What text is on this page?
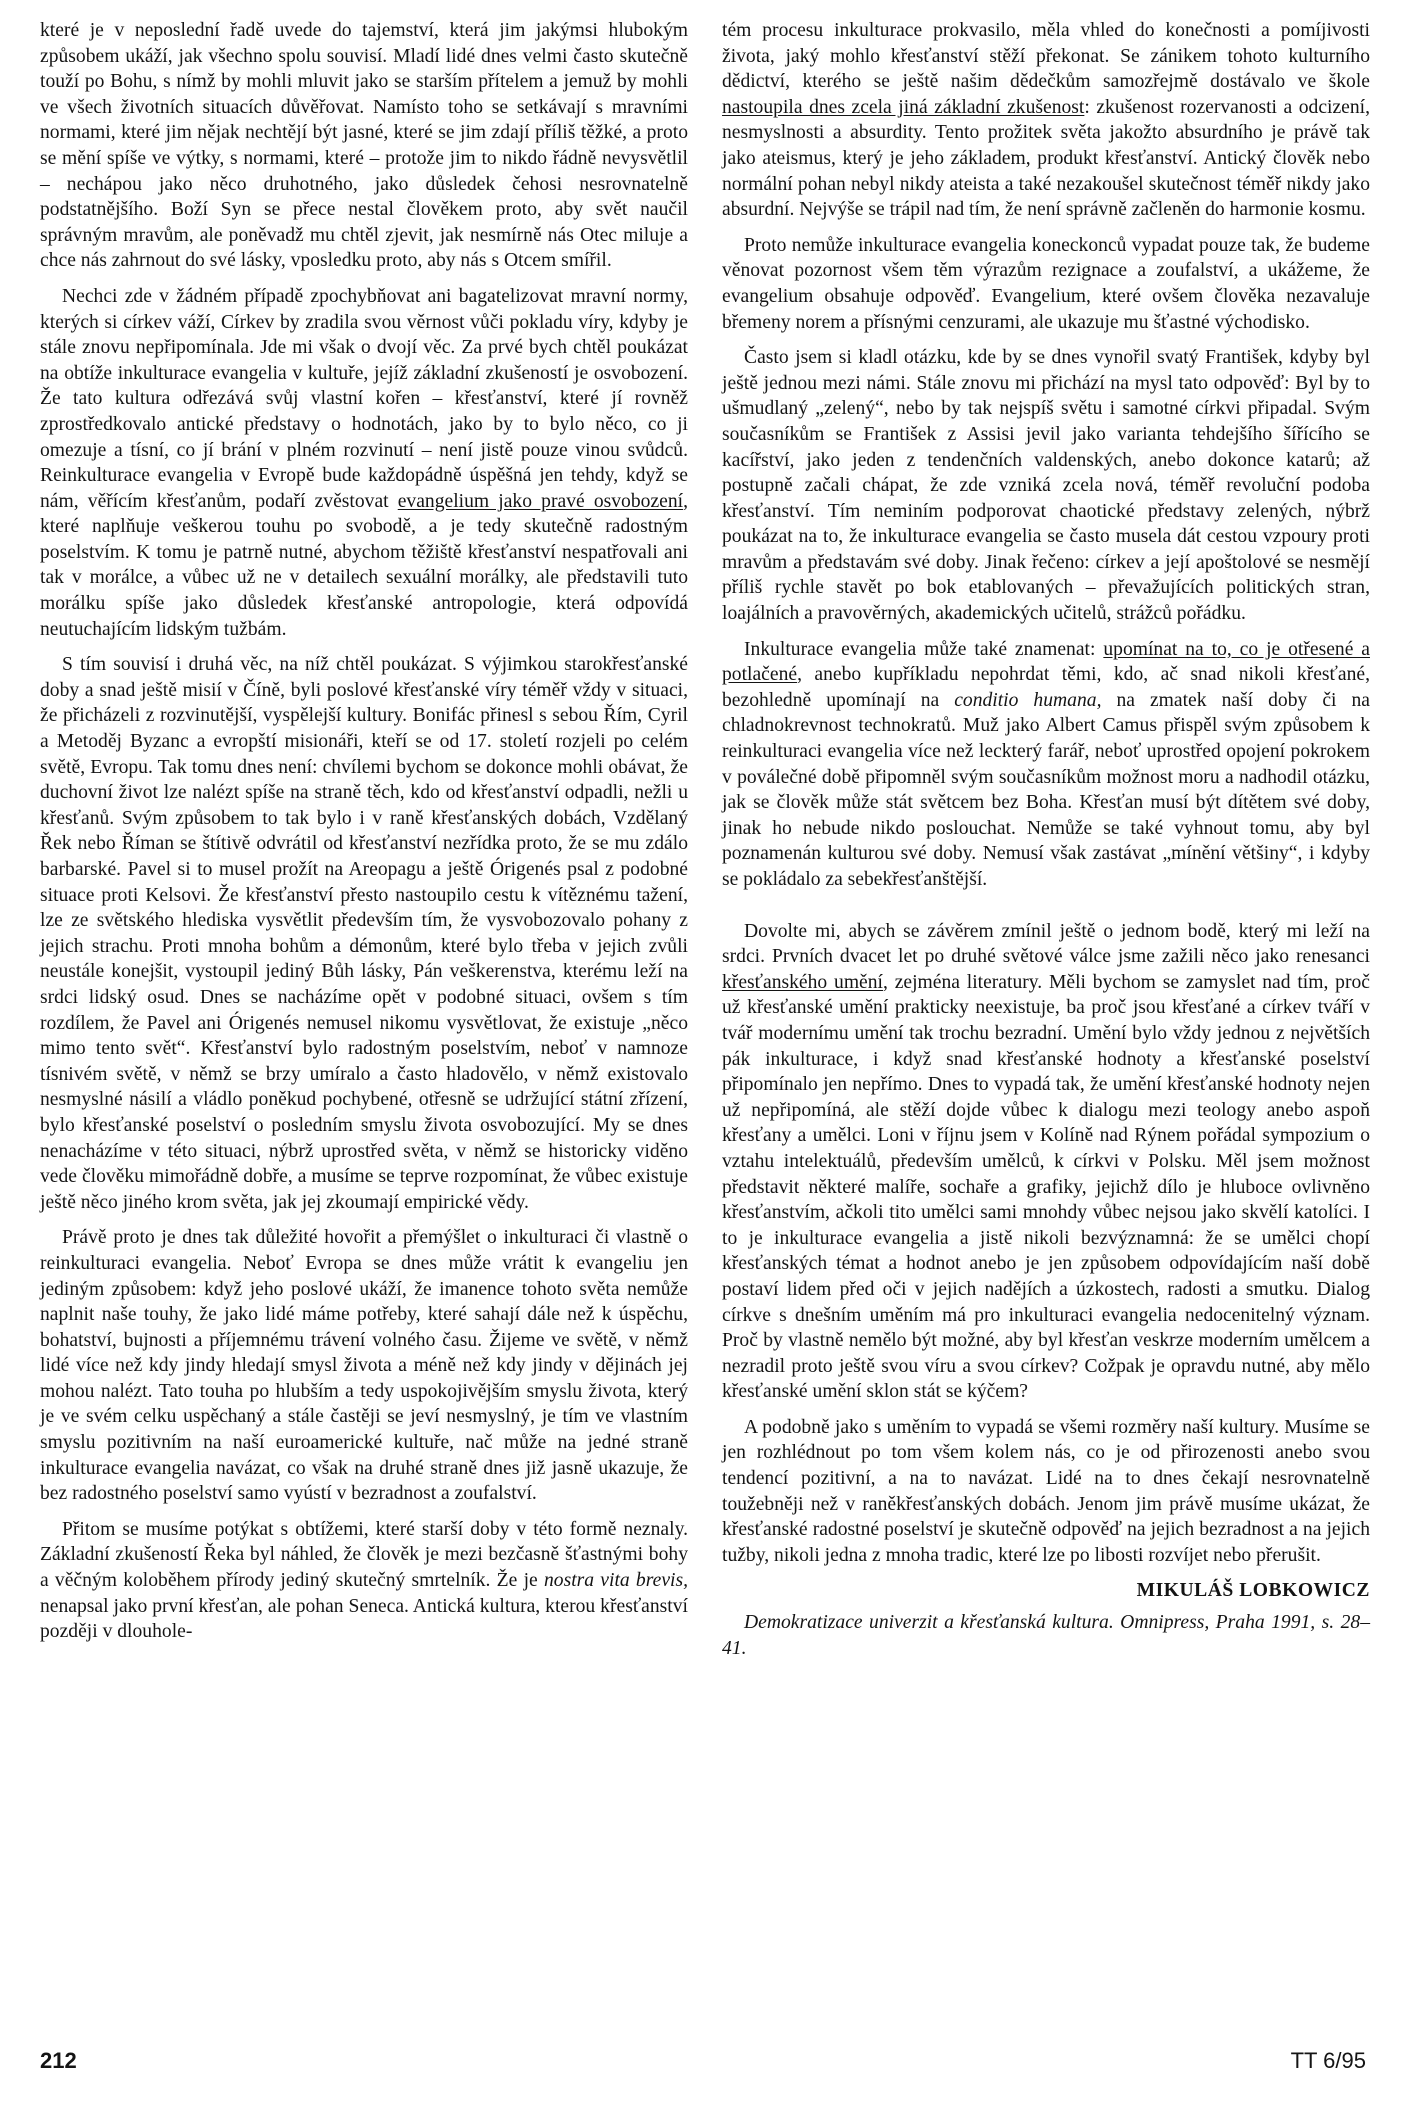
které je v neposlední řadě uvede do tajemství, která jim jakýmsi hlubokým způsobem ukáží, jak všechno spolu souvisí. Mladí lidé dnes velmi často skutečně touží po Bohu, s nímž by mohli mluvit jako se starším přítelem a jemuž by mohli ve všech životních situacích důvěřovat. Namísto toho se setkávají s mravními normami, které jim nějak nechtějí být jasné, které se jim zdají příliš těžké, a proto se mění spíše ve výtky, s normami, které – protože jim to nikdo řádně nevysvětlil – nechápou jako něco druhotného, jako důsledek čehosi nesrovnatelně podstatnějšího. Boží Syn se přece nestal člověkem proto, aby svět naučil správným mravům, ale poněvadž mu chtěl zjevit, jak nesmírně nás Otec miluje a chce nás zahrnout do své lásky, vposledku proto, aby nás s Otcem smířil.

Nechci zde v žádném případě zpochybňovat ani bagatelizovat mravní normy, kterých si církev váží, Církev by zradila svou věrnost vůči pokladu víry, kdyby je stále znovu nepřipomínala. Jde mi však o dvojí věc. Za prvé bych chtěl poukázat na obtíže inkulturace evangelia v kultuře, jejíž základní zkušeností je osvobození. Že tato kultura odřezává svůj vlastní kořen – křesťanství, které jí rovněž zprostředkovalo antické představy o hodnotách, jako by to bylo něco, co ji omezuje a tísní, co jí brání v plném rozvinutí – není jistě pouze vinou svůdců. Reinkulturace evangelia v Evropě bude každopádně úspěšná jen tehdy, když se nám, věřícím křesťanům, podaří zvěstovat evangelium jako pravé osvobození, které naplňuje veškerou touhu po svobodě, a je tedy skutečně radostným poselstvím. K tomu je patrně nutné, abychom těžiště křesťanství nespatřovali ani tak v morálce, a vůbec už ne v detailech sexuální morálky, ale představili tuto morálku spíše jako důsledek křesťanské antropologie, která odpovídá neutuchajícím lidským tužbám.

S tím souvisí i druhá věc, na níž chtěl poukázat. S výjimkou starokřesťanské doby a snad ještě misií v Číně, byli poslové křesťanské víry téměř vždy v situaci, že přicházeli z rozvinutější, vyspělejší kultury. Bonifác přinesl s sebou Řím, Cyril a Metoděj Byzanc a evropští misionáři, kteří se od 17. století rozjeli po celém světě, Evropu. Tak tomu dnes není: chvílemi bychom se dokonce mohli obávat, že duchovní život lze nalézt spíše na straně těch, kdo od křesťanství odpadli, nežli u křesťanů. Svým způsobem to tak bylo i v raně křesťanských dobách, Vzdělaný Řek nebo Říman se štítivě odvrátil od křesťanství nezřídka proto, že se mu zdálo barbarské. Pavel si to musel prožít na Areopagu a ještě Órigenés psal z podobné situace proti Kelsovi. Že křesťanství přesto nastoupilo cestu k vítěznému tažení, lze ze světského hlediska vysvětlit především tím, že vysvobozovalo pohany z jejich strachu. Proti mnoha bohům a démonům, které bylo třeba v jejich zvůli neustále konejšit, vystoupil jediný Bůh lásky, Pán veškerenstva, kterému leží na srdci lidský osud. Dnes se nacházíme opět v podobné situaci, ovšem s tím rozdílem, že Pavel ani Órigenés nemusel nikomu vysvětlovat, že existuje „něco mimo tento svět“. Křesťanství bylo radostným poselstvím, neboť v namnoze tísnivém světě, v němž se brzy umíralo a často hladovělo, v němž existovalo nesmyslné násilí a vládlo poněkud pochybené, otřesně se udržující státní zřízení, bylo křesťanské poselství o posledním smyslu života osvobozující. My se dnes nenacházíme v této situaci, nýbrž uprostřed světa, v němž se historicky viděno vede člověku mimořádně dobře, a musíme se teprve rozpomínat, že vůbec existuje ještě něco jiného krom světa, jak jej zkoumají empirické vědy.

Právě proto je dnes tak důležité hovořit a přemýšlet o inkulturaci či vlastně o reinkulturaci evangelia. Neboť Evropa se dnes může vrátit k evangeliu jen jediným způsobem: když jeho poslové ukáží, že imanence tohoto světa nemůže naplnit naše touhy, že jako lidé máme potřeby, které sahají dále než k úspěchu, bohatství, bujnosti a příjemnému trávení volného času. Žijeme ve světě, v němž lidé více než kdy jindy hledají smysl života a méně než kdy jindy v dějinách jej mohou nalézt. Tato touha po hlubším a tedy uspokojivějším smyslu života, který je ve svém celku uspěchaný a stále častěji se jeví nesmyslný, je tím ve vlastním smyslu pozitivním na naší euroamerické kultuře, nač může na jedné straně inkulturace evangelia navázat, co však na druhé straně dnes již jasně ukazuje, že bez radostného poselství samo vyústí v bezradnost a zoufalství.

Přitom se musíme potýkat s obtížemi, které starší doby v této formě neznaly. Základní zkušeností Řeka byl náhled, že člověk je mezi bezčasně šťastnými bohy a věčným koloběhem přírody jediný skutečný smrtelník. Že je nostra vita brevis, nenapsal jako první křesťan, ale pohan Seneca. Antická kultura, kterou křesťanství později v dlouhole-

tém procesu inkulturace prokvasilo, měla vhled do konečnosti a pomíjivosti života, jaký mohlo křesťanství stěží překonat. Se zánikem tohoto kulturního dědictví, kterého se ještě našim dědečkům samozřejmě dostávalo ve škole nastoupila dnes zcela jiná základní zkušenost: zkušenost rozervanosti a odcizení, nesmyslnosti a absurdity. Tento prožitek světa jakožto absurdního je právě tak jako ateismus, který je jeho základem, produkt křesťanství. Antický člověk nebo normální pohan nebyl nikdy ateista a také nezakoušel skutečnost téměř nikdy jako absurdní. Nejvýše se trápil nad tím, že není správně začleněn do harmonie kosmu.

Proto nemůže inkulturace evangelia koneckonců vypadat pouze tak, že budeme věnovat pozornost všem těm výrazům rezignace a zoufalství, a ukážeme, že evangelium obsahuje odpověď. Evangelium, které ovšem člověka nezavaluje břemeny norem a přísnými cenzurami, ale ukazuje mu šťastné východisko.

Často jsem si kladl otázku, kde by se dnes vynořil svatý František, kdyby byl ještě jednou mezi námi. Stále znovu mi přichází na mysl tato odpověď: Byl by to ušmudlaný „zelený“, nebo by tak nejspíš světu i samotné církvi připadal. Svým současníkům se František z Assisi jevil jako varianta tehdejšího šířícího se kacířství, jako jeden z tendenčních valdenských, anebo dokonce katarů; až postupně začali chápat, že zde vzniká zcela nová, téměř revoluční podoba křesťanství. Tím neminím podporovat chaotické představy zelených, nýbrž poukázat na to, že inkulturace evangelia se často musela dát cestou vzpoury proti mravům a představám své doby. Jinak řečeno: církev a její apoštolové se nesmějí příliš rychle stavět po bok etablovaných – převažujících politických stran, loajálních a pravověrných, akademických učitelů, strážců pořádku.

Inkulturace evangelia může také znamenat: upomínat na to, co je otřesené a potlačené, anebo kupříkladu nepohrdat těmi, kdo, ač snad nikoli křesťané, bezohledně upomínají na conditio humana, na zmatek naší doby či na chladnokrevnost technokratů. Muž jako Albert Camus přispěl svým způsobem k reinkulturaci evangelia více než leckterý farář, neboť uprostřed opojení pokrokem v poválečné době připomněl svým současníkům možnost moru a nadhodil otázku, jak se člověk může stát světcem bez Boha. Křesťan musí být dítětem své doby, jinak ho nebude nikdo poslouchat. Nemůže se také vyhnout tomu, aby byl poznamenán kulturou své doby. Nemusí však zastávat „mínění většiny“, i kdyby se pokládalo za sebekřesťanštější.

Dovolte mi, abych se závěrem zmínil ještě o jednom bodě, který mi leží na srdci. Prvních dvacet let po druhé světové válce jsme zažili něco jako renesanci křesťanského umění, zejména literatury. Měli bychom se zamyslet nad tím, proč už křesťanské umění prakticky neexistuje, ba proč jsou křesťané a církev tváří v tvář modernímu umění tak trochu bezradní. Umění bylo vždy jednou z největších pák inkulturace, i když snad křesťanské hodnoty a křesťanské poselství připomínalo jen nepřímo. Dnes to vypadá tak, že umění křesťanské hodnoty nejen už nepřipomíná, ale stěží dojde vůbec k dialogu mezi teology anebo aspoň křesťany a umělci. Loni v říjnu jsem v Kolíně nad Rýnem pořádal sympozium o vztahu intelektuálů, především umělců, k církvi v Polsku. Měl jsem možnost představit některé malíře, sochaře a grafiky, jejichž dílo je hluboce ovlivněno křesťanstvím, ačkoli tito umělci sami mnohdy vůbec nejsou jako skvělí katolíci. I to je inkulturace evangelia a jistě nikoli bezvýznamná: že se umělci chopí křesťanských témat a hodnot anebo je jen způsobem odpovídajícím naší době postaví lidem před oči v jejich nadějích a úzkostech, radosti a smutku. Dialog církve s dnešním uměním má pro inkulturaci evangelia nedocenitelný význam. Proč by vlastně nemělo být možné, aby byl křesťan veskrze moderním umělcem a nezradil proto ještě svou víru a svou církev? Cožpak je opravdu nutné, aby mělo křesťanské umění sklon stát se kýčem?

A podobně jako s uměním to vypadá se všemi rozměry naší kultury. Musíme se jen rozhlédnout po tom všem kolem nás, co je od přirozenosti anebo svou tendencí pozitivní, a na to navázat. Lidé na to dnes čekají nesrovnatelně toužebněji než v raněkřesťanských dobách. Jenom jim právě musíme ukázat, že křesťanské radostné poselství je skutečně odpověď na jejich bezradnost a na jejich tužby, nikoli jedna z mnoha tradic, které lze po libosti rozvíjet nebo přerušit.

MIKULÁŠ LOBKOWICZ

Demokratizace univerzit a křesťanská kultura. Omnipress, Praha 1991, s. 28–41.

212	TT 6/95
